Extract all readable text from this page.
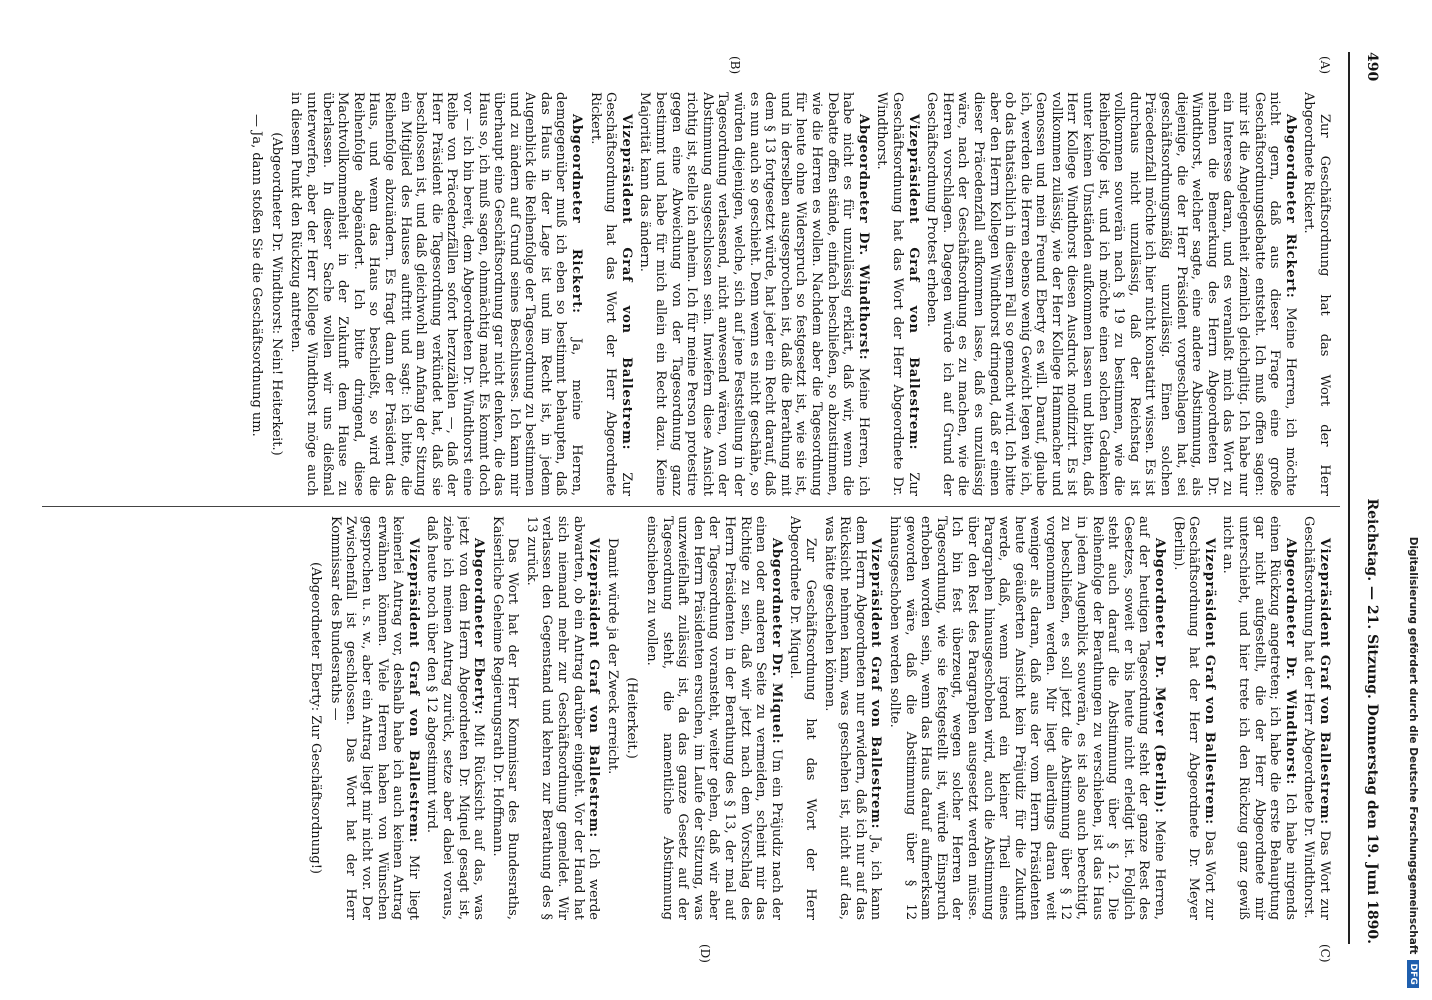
490
Reichstag. — 21. Sitzung. Donnerstag den 19. Juni 1890.
(A)
(B)
(C)
(D)

Zur Geschäftsordnung hat das Wort der Herr Abgeordnete Rickert.

Abgeordneter Rickert: Meine Herren, ich möchte nicht gern, daß aus dieser Frage eine große Geschäftsordnungsdebatte entsteht. Ich muß offen sagen: mir ist die Angelegenheit ziemlich gleichgiltig. Ich habe nur ein Interesse daran, und es veranlaßt mich das Wort zu nehmen die Bemerkung des Herrn Abgeordneten Dr. Windthorst, welcher sagte, eine andere Abstimmung, als diejenige, die der Herr Präsident vorgeschlagen hat, sei geschäftsordnungsmäßig unzulässig. Einen solchen Präcedenzfall möchte ich hier nicht konstatirt wissen. Es ist durchaus nicht unzulässig, daß der Reichstag ist vollkommen souverän nach § 19 zu bestimmen, wie die Reihenfolge ist, und ich möchte einen solchen Gedanken unter keinen Umständen aufkommen lassen und bitten, daß Herr Kollege Windthorst diesen Ausdruck modifizirt. Es ist vollkommen zulässig, wie der Herr Kollege Hammacher und Genossen und mein Freund Eberty es will. Darauf, glaube ich, werden die Herren ebenso wenig Gewicht legen wie ich, ob das thatsächlich in diesem Fall so gemacht wird. Ich bitte aber den Herrn Kollegen Windthorst dringend, daß er einen dieser Präcedenzfall aufkommen lasse, daß es unzulässig wäre, nach der Geschäftsordnung es zu machen, wie die Herren vorschlagen. Dagegen würde ich auf Grund der Geschäftsordnung Protest erheben.

Vizepräsident Graf von Ballestrem: Zur Geschäftsordnung hat das Wort der Herr Abgeordnete Dr. Windthorst.

Abgeordneter Dr. Windthorst: Meine Herren, ich habe nicht es für unzulässig erklärt, daß wir, wenn die Debatte offen stände, einfach beschließen, so abzustimmen, wie die Herren es wollen. Nachdem aber die Tagesordnung für heute ohne Widerspruch so festgesetzt ist, wie sie ist, und in derselben ausgesprochen ist, daß die Berathung mit dem § 13 fortgesetzt würde, hat jeder ein Recht darauf, daß es nun auch so geschieht. Denn wenn es nicht geschähe, so würden diejenigen, welche, sich auf jene Feststellung in der Tagesordnung verlassend, nicht anwesend wären, von der Abstimmung ausgeschlossen sein. Inwiefern diese Ansicht richtig ist, stelle ich anheim. Ich für meine Person protestire gegen eine Abweichung von der Tagesordnung ganz bestimmt und habe für mich allein ein Recht dazu. Keine Majorität kann das ändern.

Vizepräsident Graf von Ballestrem: Zur Geschäftsordnung hat das Wort der Herr Abgeordnete Rickert.

Abgeordneter Rickert: Ja, meine Herren, demgegenüber muß ich eben so bestimmt behaupten, daß das Haus in der Lage ist und im Recht ist, in jedem Augenblick die Reihenfolge der Tagesordnung zu bestimmen und zu ändern auf Grund seines Beschlusses. Ich kann mir überhaupt eine Geschäftsordnung gar nicht denken, die das Haus so, ich muß sagen, ohnmächtig macht. Es kommt doch vor — ich bin bereit, dem Abgeordneten Dr. Windthorst eine Reihe von Präcedenzfällen sofort herzuzählen —, daß der Herr Präsident die Tagesordnung verkündet hat, daß sie beschlossen ist, und daß gleichwohl am Anfang der Sitzung ein Mitglied des Hauses auftritt und sagt: ich bitte, die Reihenfolge abzuändern. Es fragt dann der Präsident das Haus, und wenn das Haus so beschließt, so wird die Reihenfolge abgeändert. Ich bitte dringend, diese Machtvollkommenheit in der Zukunft dem Hause zu überlassen. In dieser Sache wollen wir uns dießmal unterwerfen, aber der Herr Kollege Windthorst möge auch in diesem Punkt den Rückzug antreten.

(Abgeordneter Dr. Windthorst: Nein! Heiterkeit.)

— Ja, dann stoßen Sie die Geschäftsordnung um.

Vizepräsident Graf von Ballestrem: Das Wort zur Geschäftsordnung hat der Herr Abgeordnete Dr. Windthorst.

Abgeordneter Dr. Windthorst: Ich habe nirgends einen Rückzug angetreten; ich habe die erste Behauptung gar nicht aufgestellt, die der Herr Abgeordnete mir unterschiebt, und hier trete ich den Rückzug ganz gewiß nicht an.

Vizepräsident Graf von Ballestrem: Das Wort zur Geschäftsordnung hat der Herr Abgeordnete Dr. Meyer (Berlin).

Abgeordneter Dr. Meyer (Berlin): Meine Herren, auf der heutigen Tagesordnung steht der ganze Rest des Gesetzes, soweit er bis heute nicht erledigt ist. Folglich steht auch darauf die Abstimmung über § 12. Die Reihenfolge der Berathungen zu verschieben, ist das Haus in jedem Augenblick souverän, es ist also auch berechtigt, zu beschließen, es soll jetzt die Abstimmung über § 12 vorgenommen werden. Mir liegt allerdings daran weit weniger als daran, daß aus der vom Herrn Präsidenten heute geäußerten Ansicht kein Präjudiz für die Zukunft werde, daß, wenn irgend ein kleiner Theil eines Paragraphen hinausgeschoben wird, auch die Abstimmung über den Rest des Paragraphen ausgesetzt werden müsse. Ich bin fest überzeugt, wegen solcher Herren der Tagesordnung, wie sie festgestellt ist, würde Einspruch erhoben worden sein, wenn das Haus darauf aufmerksam geworden wäre, daß die Abstimmung über § 12 hinausgeschoben werden sollte.

Vizepräsident Graf von Ballestrem: Ja, ich kann dem Herrn Abgeordneten nur erwidern, daß ich nur auf das Rücksicht nehmen kann, was geschehen ist, nicht auf das, was hätte geschehen können.

Zur Geschäftsordnung hat das Wort der Herr Abgeordnete Dr. Miquel.

Abgeordneter Dr. Miquel: Um ein Präjudiz nach der einen oder anderen Seite zu vermeiden, scheint mir das Richtige zu sein, daß wir jetzt nach dem Vorschlag des Herrn Präsidenten in der Berathung des § 13, der mal auf der Tagesordnung voransteht, weiter gehen, daß wir aber den Herrn Präsidenten ersuchen, im Laufe der Sitzung, was unzweifelhaft zulässig ist, da das ganze Gesetz auf der Tagesordnung steht, die namentliche Abstimmung einschieben zu wollen.

(Heiterkeit.)

Damit würde ja der Zweck erreicht.

Vizepräsident Graf von Ballestrem: Ich werde abwarten, ob ein Antrag darüber eingeht. Vor der Hand hat sich niemand mehr zur Geschäftsordnung gemeldet. Wir verlassen den Gegenstand und kehren zur Berathung des § 13 zurück.

Das Wort hat der Herr Kommissar des Bundesraths, Kaiserliche Geheime Regierungsrath Dr. Hoffmann.

Abgeordneter Eberty: Mit Rücksicht auf das, was jetzt von dem Herrn Abgeordneten Dr. Miquel gesagt ist, ziehe ich meinen Antrag zurück, setze aber dabei voraus, daß heute noch über den § 12 abgestimmt wird.

Vizepräsident Graf von Ballestrem: Mir liegt keinerlei Antrag vor, deshalb habe ich auch keinen Antrag erwähnen können. Viele Herren haben von Wünschen gesprochen u. s. w., aber ein Antrag liegt mir nicht vor. Der Zwischenfall ist geschlossen. Das Wort hat der Herr Kommissar des Bundesraths —

(Abgeordneter Eberty: Zur Geschäftsordnung!)	Digitalisierung gefördert durch die Deutsche Forschungsgemeinschaft
DFG
